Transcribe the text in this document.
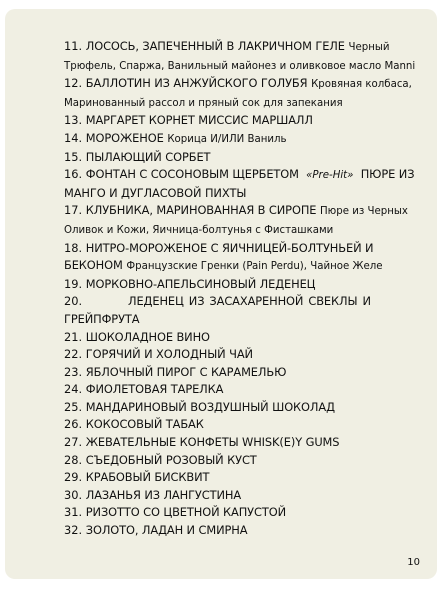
11. ЛОСОСЬ, ЗАПЕЧЕННЫЙ В ЛАКРИЧНОМ ГЕЛЕ Черный Трюфель, Спаржа, Ванильный майонез и оливковое масло Manni
12. БАЛЛОТИН ИЗ АНЖУЙСКОГО ГОЛУБЯ Кровяная колбаса, Маринованный рассол и пряный сок для запекания
13. МАРГАРЕТ КОРНЕТ МИССИС МАРШАЛЛ
14. МОРОЖЕНОЕ Корица И/ИЛИ Ваниль
15. ПЫЛАЮЩИЙ СОРБЕТ
16. ФОНТАН С СОСОНОВЫМ ЩЕРБЕТОМ «Pre-Hit» ПЮРЕ ИЗ МАНГО И ДУГЛАСОВОЙ ПИХТЫ
17. КЛУБНИКА, МАРИНОВАННАЯ В СИРОПЕ Пюре из Черных Оливок и Кожи, Яичница-болтунья с Фисташками
18. НИТРО-МОРОЖЕНОЕ С ЯИЧНИЦЕЙ-БОЛТУНЬЕЙ И БЕКОНОМ Французские Гренки (Pain Perdu), Чайное Желе
19. МОРКОВНО-АПЕЛЬСИНОВЫЙ ЛЕДЕНЕЦ
20.	ЛЕДЕНЕЦ ИЗ ЗАСАХАРЕННОЙ СВЕКЛЫ И ГРЕЙПФРУТА
21. ШОКОЛАДНОЕ ВИНО
22. ГОРЯЧИЙ И ХОЛОДНЫЙ ЧАЙ
23. ЯБЛОЧНЫЙ ПИРОГ С КАРАМЕЛЬЮ
24. ФИОЛЕТОВАЯ ТАРЕЛКА
25. МАНДАРИНОВЫЙ ВОЗДУШНЫЙ ШОКОЛАД
26. КОКОСОВЫЙ ТАБАК
27. ЖЕВАТЕЛЬНЫЕ КОНФЕТЫ WHISK(E)Y GUMS
28. СЪЕДОБНЫЙ РОЗОВЫЙ КУСТ
29. КРАБОВЫЙ БИСКВИТ
30. ЛАЗАНЬЯ ИЗ ЛАНГУСТИНА
31. РИЗОТТО СО ЦВЕТНОЙ КАПУСТОЙ
32. ЗОЛОТО, ЛАДАН И СМИРНА
10
